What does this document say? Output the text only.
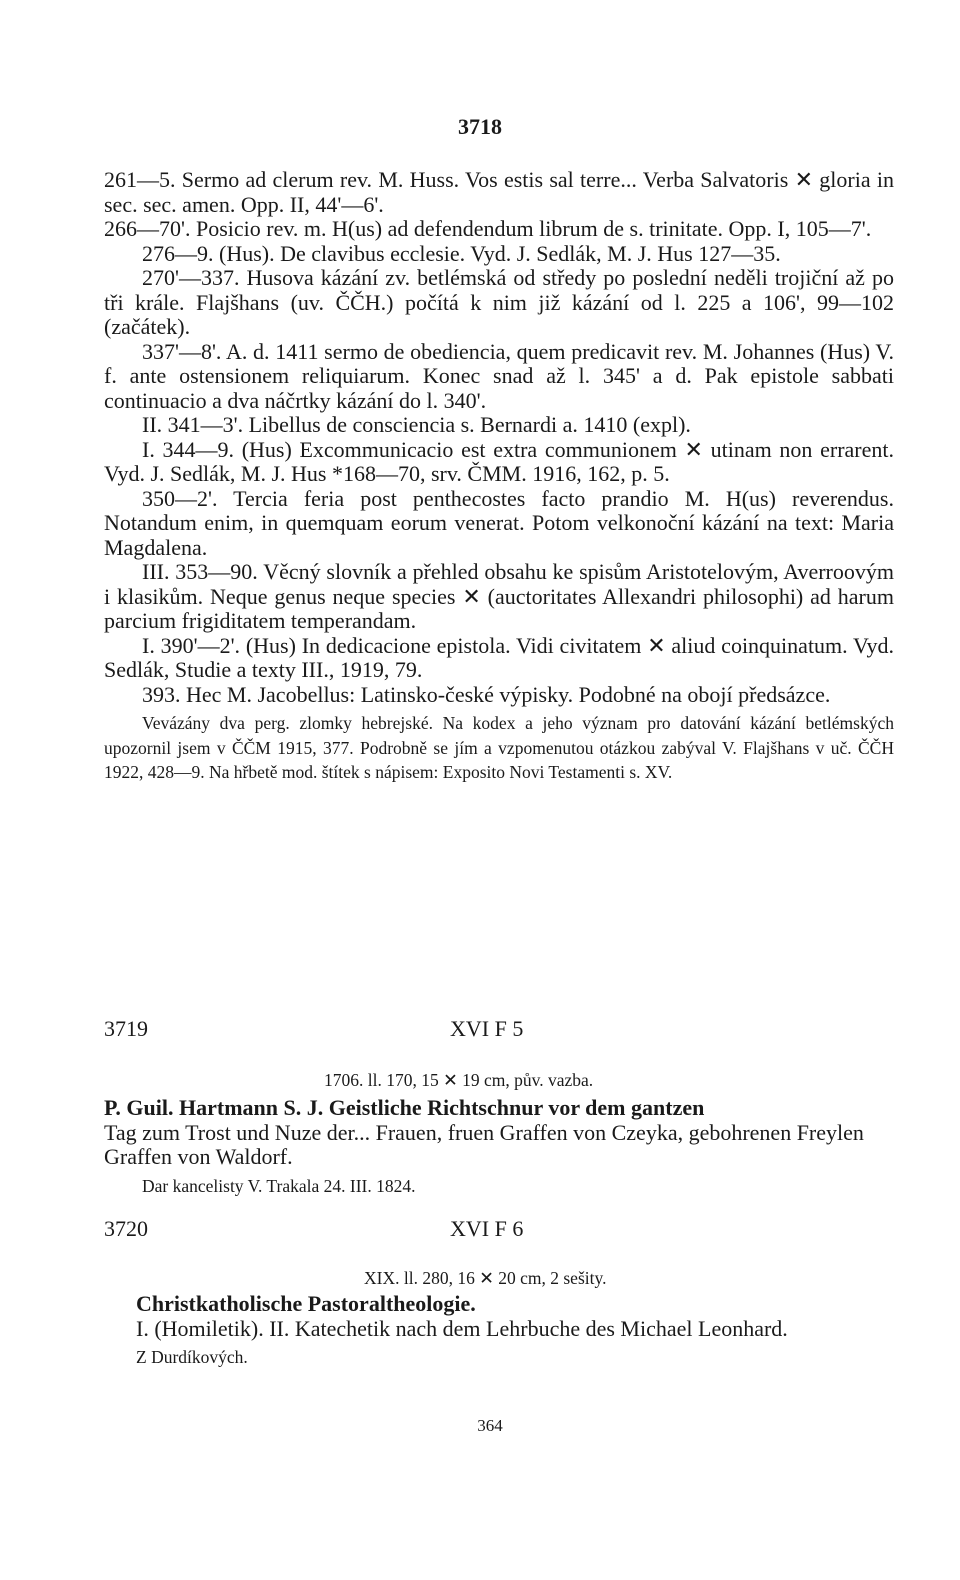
3718

261—5. Sermo ad clerum rev. M. Huss. Vos estis sal terre... Verba Salvatoris ✕ gloria in sec. sec. amen. Opp. II, 44'—6'.

266—70'. Posicio rev. m. H(us) ad defendendum librum de s. trinitate. Opp. I, 105—7'.

276—9. (Hus). De clavibus ecclesie. Vyd. J. Sedlák, M. J. Hus 127—35.

270'—337. Husova kázání zv. betlémská od středy po poslední neděli trojiční až po tři krále. Flajšhans (uv. ČČH.) počítá k nim již kázání od l. 225 a 106', 99—102 (začátek).

337'—8'. A. d. 1411 sermo de obediencia, quem predicavit rev. M. Johannes (Hus) V. f. ante ostensionem reliquiarum. Konec snad až l. 345' a d. Pak epistole sabbati continuacio a dva náčrtky kázání do l. 340'.

II. 341—3'. Libellus de consciencia s. Bernardi a. 1410 (expl).

I. 344—9. (Hus) Excommunicacio est extra communionem ✕ utinam non errarent. Vyd. J. Sedlák, M. J. Hus *168—70, srv. ČMM. 1916, 162, p. 5.

350—2'. Tercia feria post penthecostes facto prandio M. H(us) reverendus. Notandum enim, in quemquam eorum venerat. Potom velkonoční kázání na text: Maria Magdalena.

III. 353—90. Věcný slovník a přehled obsahu ke spisům Aristotelovým, Averroovým i klasikům. Neque genus neque species ✕ (auctoritates Allexandri philosophi) ad harum parcium frigiditatem temperandam.

I. 390'—2'. (Hus) In dedicacione epistola. Vidi civitatem ✕ aliud coinquinatum. Vyd. Sedlák, Studie a texty III., 1919, 79.

393. Hec M. Jacobellus: Latinsko-české výpisky. Podobné na obojí předsázce.

Vevázány dva perg. zlomky hebrejské. Na kodex a jeho význam pro datování kázání betlémských upozornil jsem v ČČM 1915, 377. Podrobně se jím a vzpomenutou otázkou zabýval V. Flajšhans v uč. ČČH 1922, 428—9. Na hřbetě mod. štítek s nápisem: Exposito Novi Testamenti s. XV.

3719	XVI F 5
1706. ll. 170, 15 ✕ 19 cm, pův. vazba.
P. Guil. Hartmann S. J. Geistliche Richtschnur vor dem gantzen
Tag zum Trost und Nuze der... Frauen, fruen Graffen von Czeyka, gebohrenen Freylen Graffen von Waldorf.
Dar kancelisty V. Trakala 24. III. 1824.
3720	XVI F 6
XIX. ll. 280, 16 ✕ 20 cm, 2 sešity.
Christkatholische Pastoraltheologie.
I. (Homiletik). II. Katechetik nach dem Lehrbuche des Michael Leonhard.
Z Durdíkových.
364
